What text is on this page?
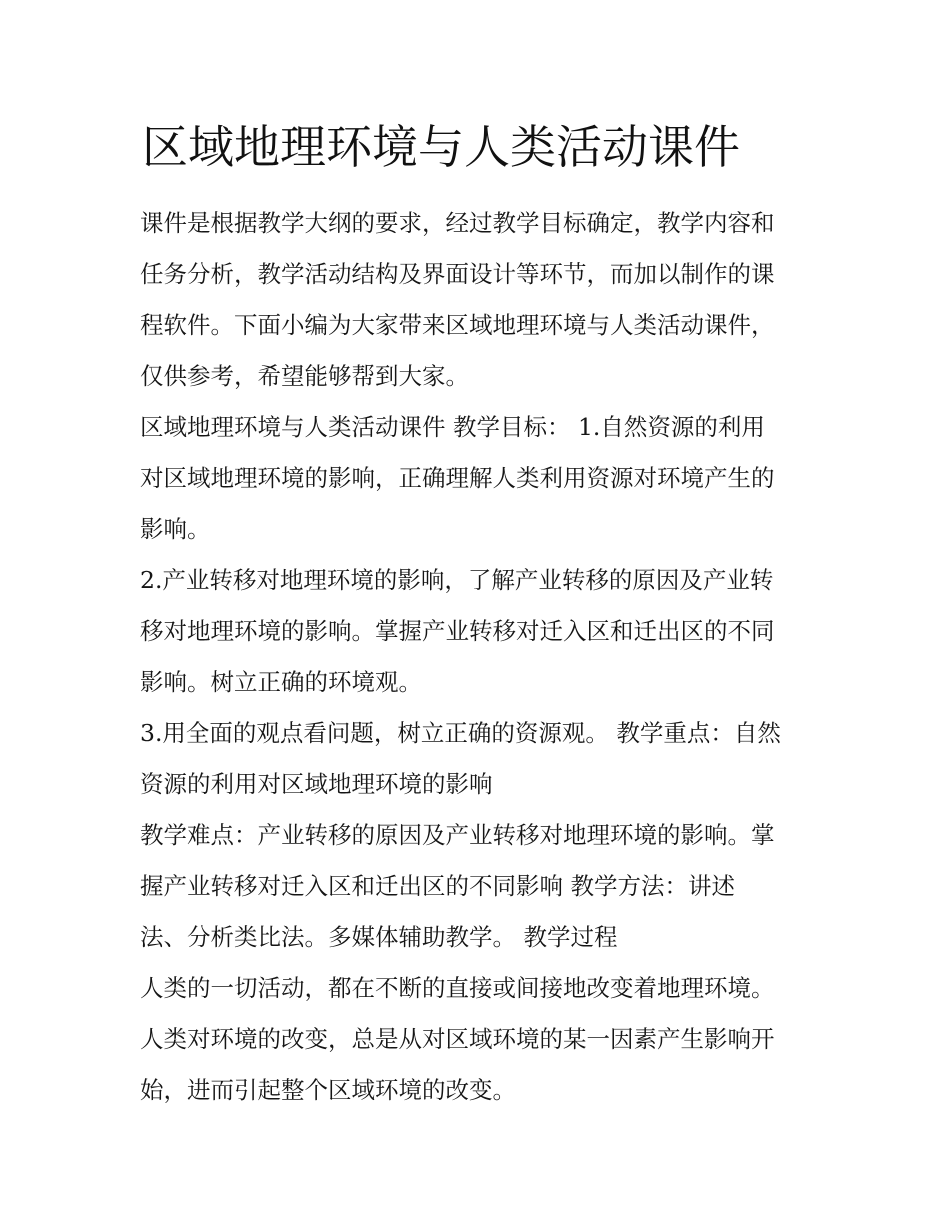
区域地理环境与人类活动课件
课件是根据教学大纲的要求，经过教学目标确定，教学内容和
任务分析，教学活动结构及界面设计等环节，而加以制作的课
程软件。下面小编为大家带来区域地理环境与人类活动课件，
仅供参考，希望能够帮到大家。
区域地理环境与人类活动课件 教学目标： 1.自然资源的利用
对区域地理环境的影响，正确理解人类利用资源对环境产生的
影响。
2.产业转移对地理环境的影响，了解产业转移的原因及产业转
移对地理环境的影响。掌握产业转移对迁入区和迁出区的不同
影响。树立正确的环境观。
3.用全面的观点看问题，树立正确的资源观。 教学重点：自然
资源的利用对区域地理环境的影响
教学难点：产业转移的原因及产业转移对地理环境的影响。掌
握产业转移对迁入区和迁出区的不同影响 教学方法：讲述
法、分析类比法。多媒体辅助教学。 教学过程
人类的一切活动，都在不断的直接或间接地改变着地理环境。
人类对环境的改变，总是从对区域环境的某一因素产生影响开
始，进而引起整个区域环境的改变。
